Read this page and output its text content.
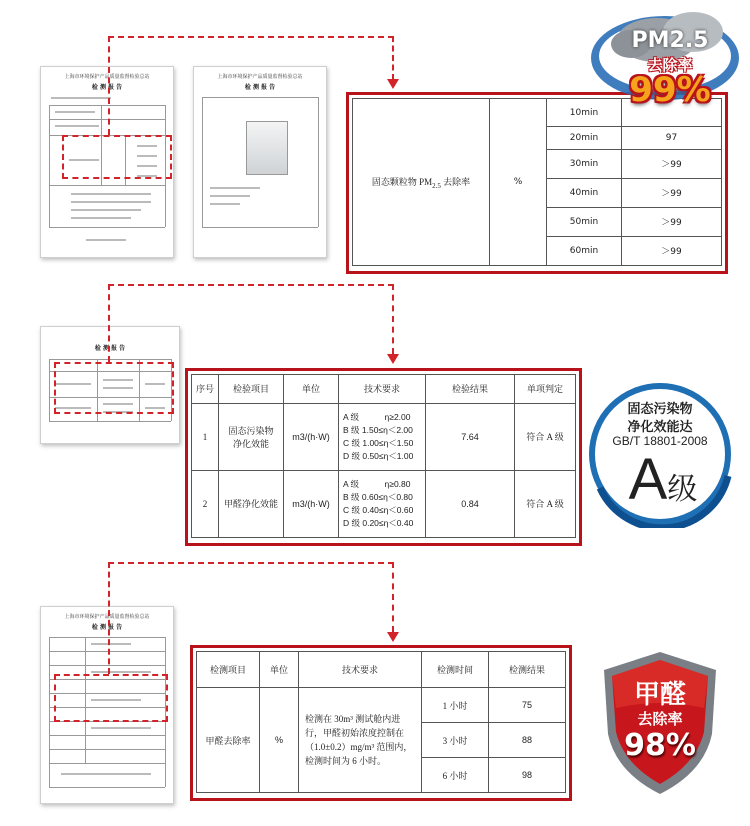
上海市环境保护产品质量监督检验总站
检 测 报 告
上海市环境保护产品质量监督检验总站
检 测 报 告
固态颗粒物 $PM_{2.5}$ 去除率	%	10min	
		20min	97
		30min	＞99
		40min	＞99
		50min	＞99
		60min	＞99
PM2.5
去除率
99%
检 测 报 告
序号	检验项目	单位	技术要求	检验结果	单项判定
1	固态污染物净化效能	m3/(h·W)	A 级　　　η≥2.00
B 级 1.50≤η＜2.00
C 级 1.00≤η＜1.50
D 级 0.50≤η＜1.00	7.64	符合 A 级
2	甲醛净化效能	m3/(h·W)	A 级　　　η≥0.80
B 级 0.60≤η＜0.80
C 级 0.40≤η＜0.60
D 级 0.20≤η＜0.40	0.84	符合 A 级
固态污染物
净化效能达
GB/T 18801-2008
A级
上海市环境保护产品质量监督检验总站
检 测 报 告
检测项目	单位	技术要求	检测时间	检测结果
甲醛去除率	%	检测在 30m³ 测试舱内进行，甲醛初始浓度控制在（1.0±0.2）mg/m³ 范围内，检测时间为 6 小时。	1 小时	75
			3 小时	88
			6 小时	98
甲醛
去除率
98%
